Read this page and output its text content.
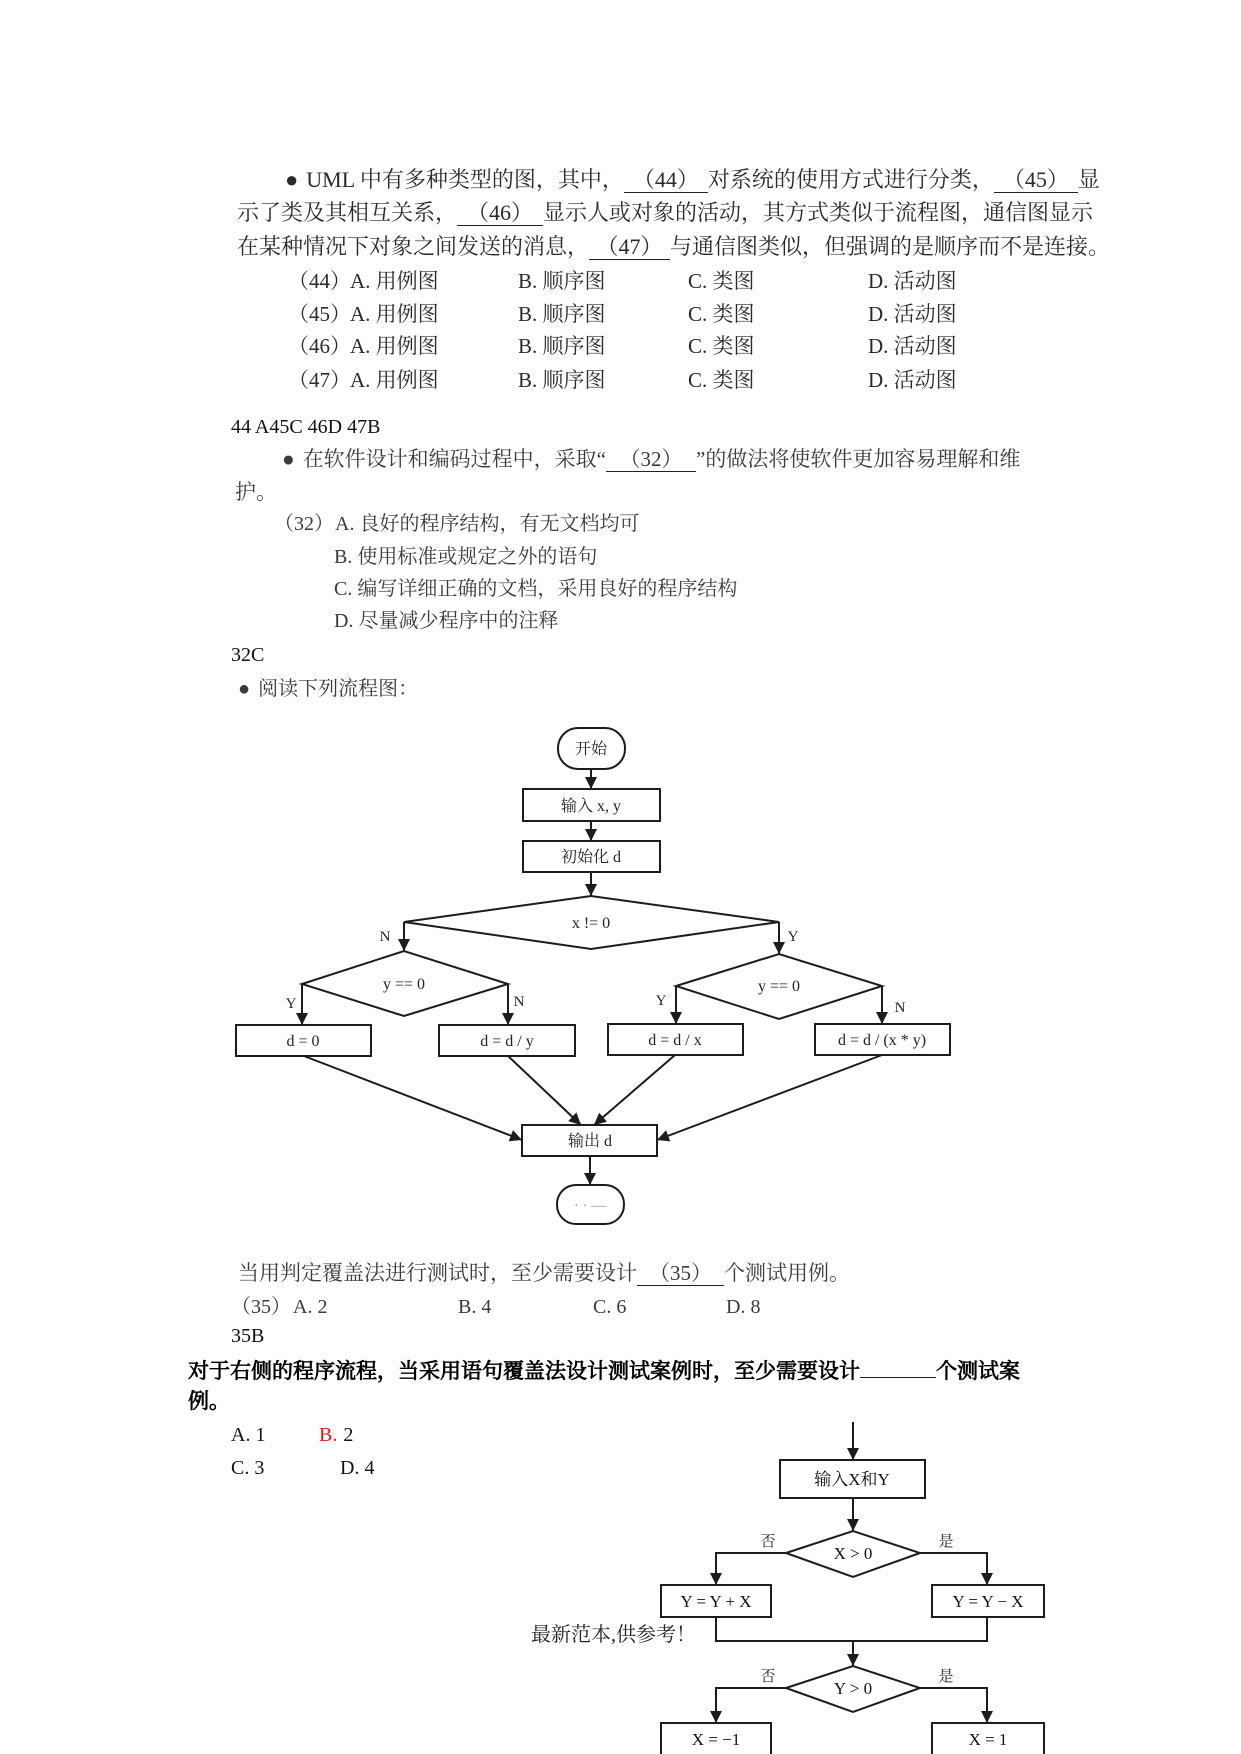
开始
输入 x, y
初始化 d
x != 0
N	Y
y == 0
Y	N
y == 0
Y	N
d = 0	d = d / y	d = d / x	d = d / (x * y)
输出 d
· · —
输入X和Y
X > 0
否	是
Y = Y + X	Y = Y − X
Y > 0
否	是
X = −1	X = 1
● UML 中有多种类型的图，其中， （44） 对系统的使用方式进行分类， （45） 显
示了类及其相互关系， （46） 显示人或对象的活动，其方式类似于流程图，通信图显示
在某种情况下对象之间发送的消息， （47） 与通信图类似，但强调的是顺序而不是连接。
（44） A. 用例图	B. 顺序图	C. 类图	D. 活动图
（45） A. 用例图	B. 顺序图	C. 类图	D. 活动图
（46） A. 用例图	B. 顺序图	C. 类图	D. 活动图
（47） A. 用例图	B. 顺序图	C. 类图	D. 活动图
44 A45C 46D 47B
● 在软件设计和编码过程中，采取“ （32） ”的做法将使软件更加容易理解和维
护。
（32） A. 良好的程序结构，有无文档均可
B. 使用标准或规定之外的语句
C. 编写详细正确的文档，采用良好的程序结构
D. 尽量减少程序中的注释
32C
● 阅读下列流程图：
当用判定覆盖法进行测试时，至少需要设计 （35） 个测试用例。
（35） A. 2	B. 4	C. 6	D. 8
35B
对于右侧的程序流程，当采用语句覆盖法设计测试案例时，至少需要设计	个测试案
例。
A. 1	B. 2
C. 3	D. 4
最新范本,供参考！
